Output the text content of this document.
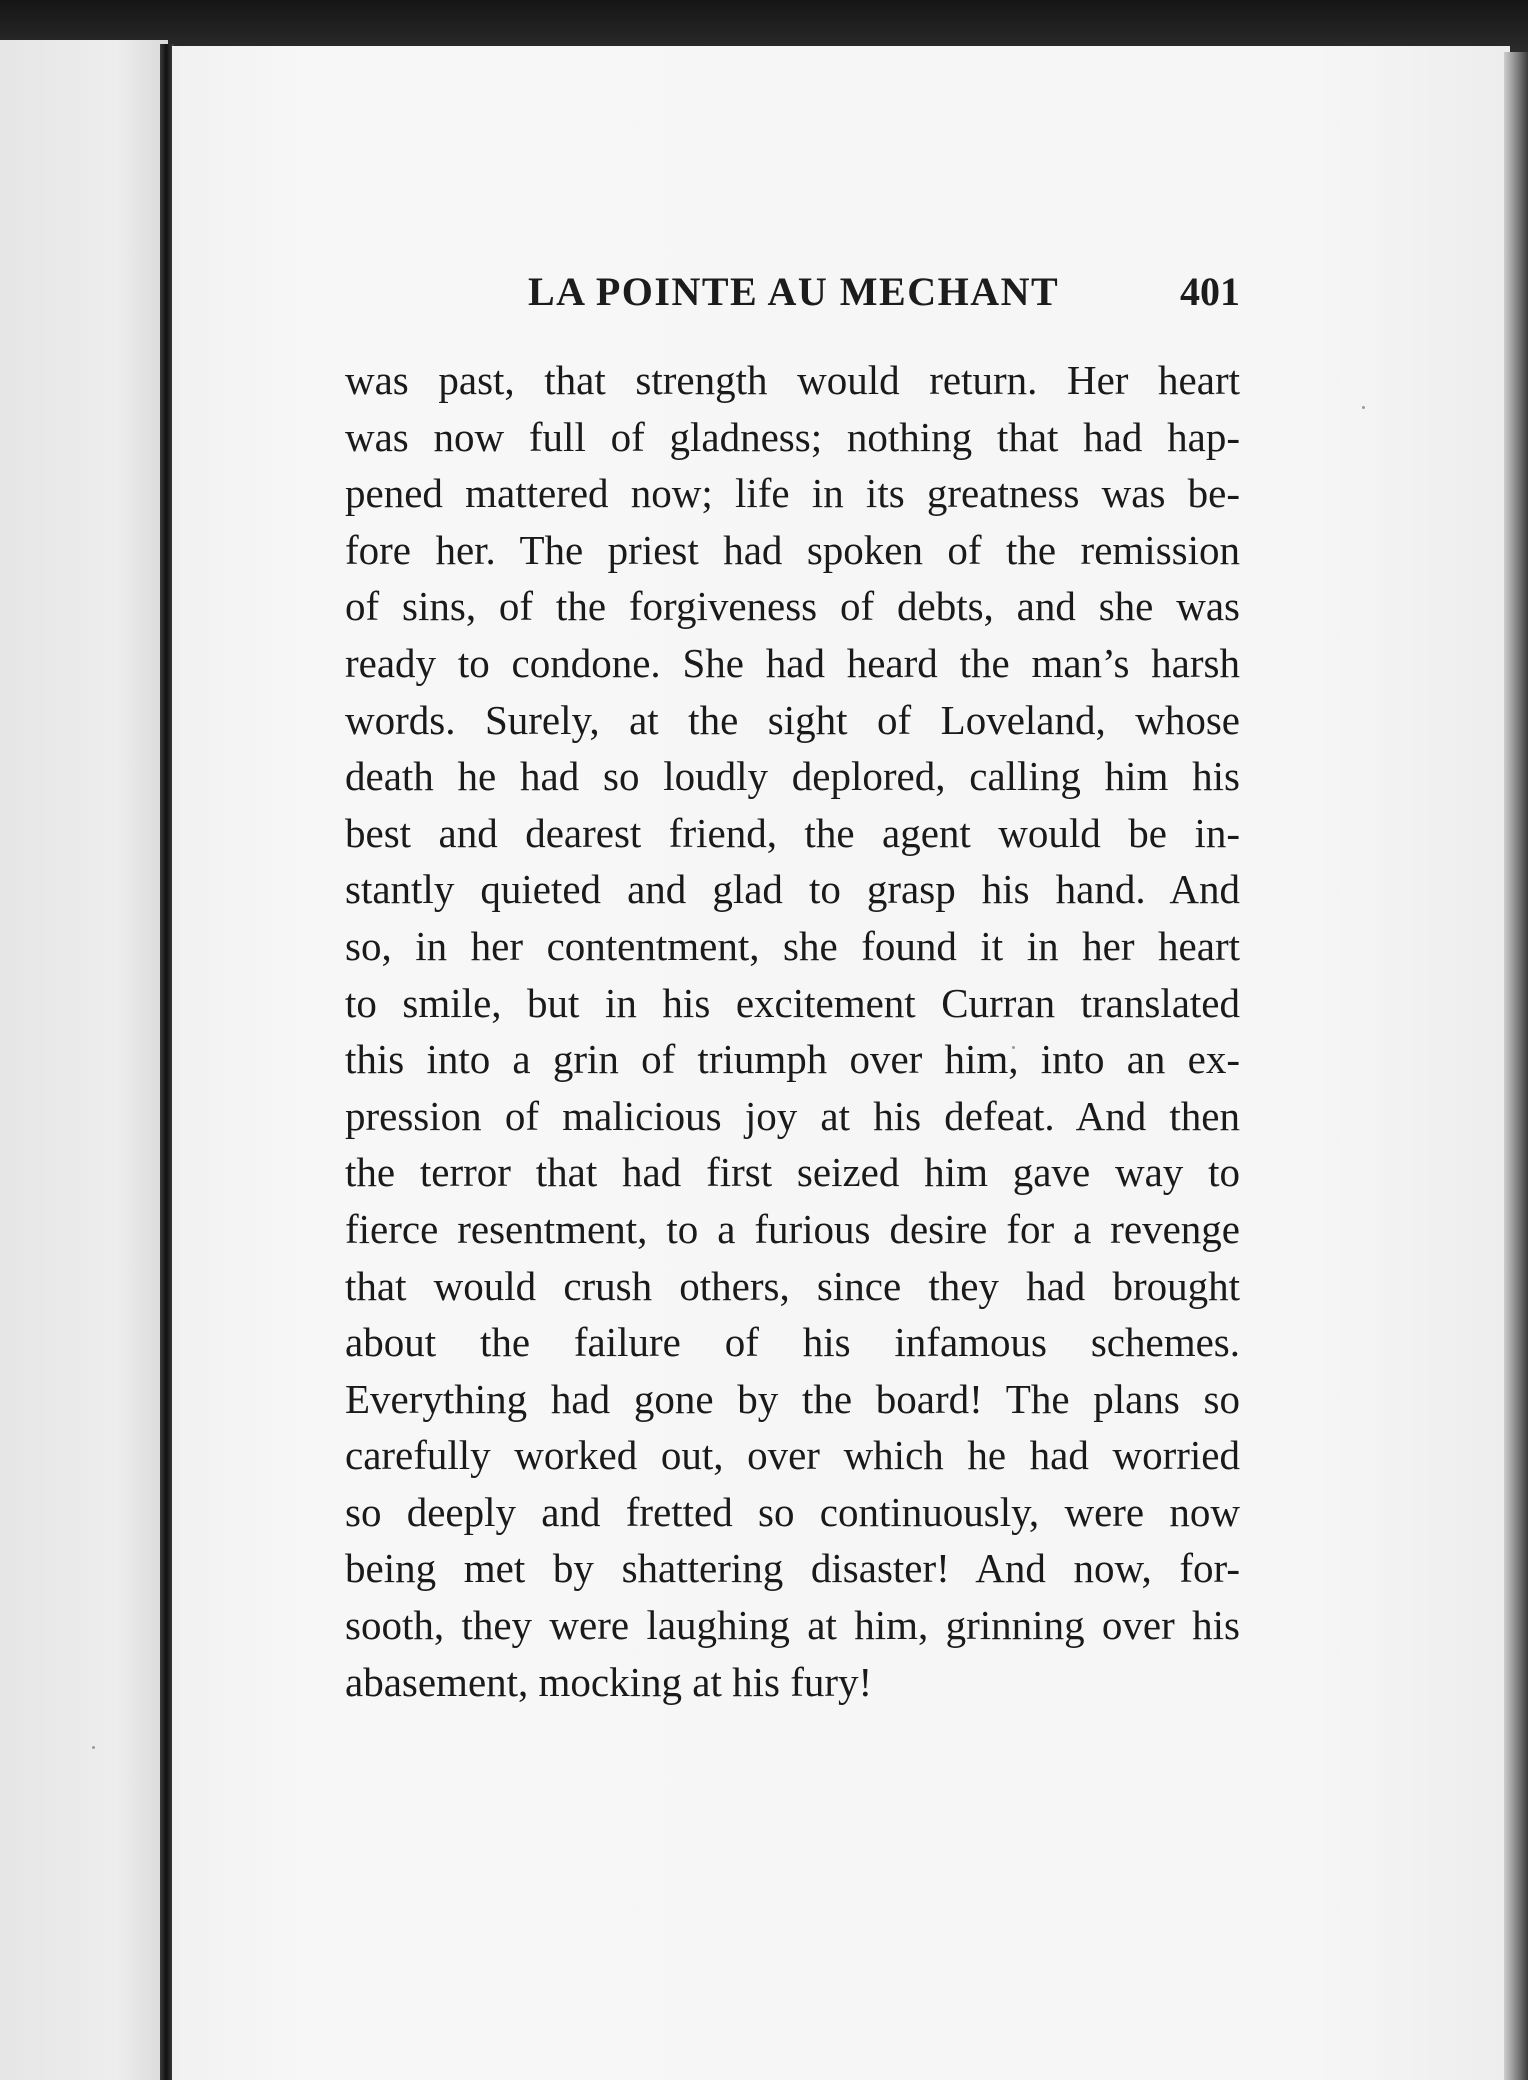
LA POINTE AU MECHANT	401
was past, that strength would return. Her heart
was now full of gladness; nothing that had hap-
pened mattered now; life in its greatness was be-
fore her. The priest had spoken of the remission
of sins, of the forgiveness of debts, and she was
ready to condone. She had heard the man’s harsh
words. Surely, at the sight of Loveland, whose
death he had so loudly deplored, calling him his
best and dearest friend, the agent would be in-
stantly quieted and glad to grasp his hand. And
so, in her contentment, she found it in her heart
to smile, but in his excitement Curran translated
this into a grin of triumph over him, into an ex-
pression of malicious joy at his defeat. And then
the terror that had first seized him gave way to
fierce resentment, to a furious desire for a revenge
that would crush others, since they had brought
about the failure of his infamous schemes.
Everything had gone by the board! The plans so
carefully worked out, over which he had worried
so deeply and fretted so continuously, were now
being met by shattering disaster! And now, for-
sooth, they were laughing at him, grinning over his
abasement, mocking at his fury!
